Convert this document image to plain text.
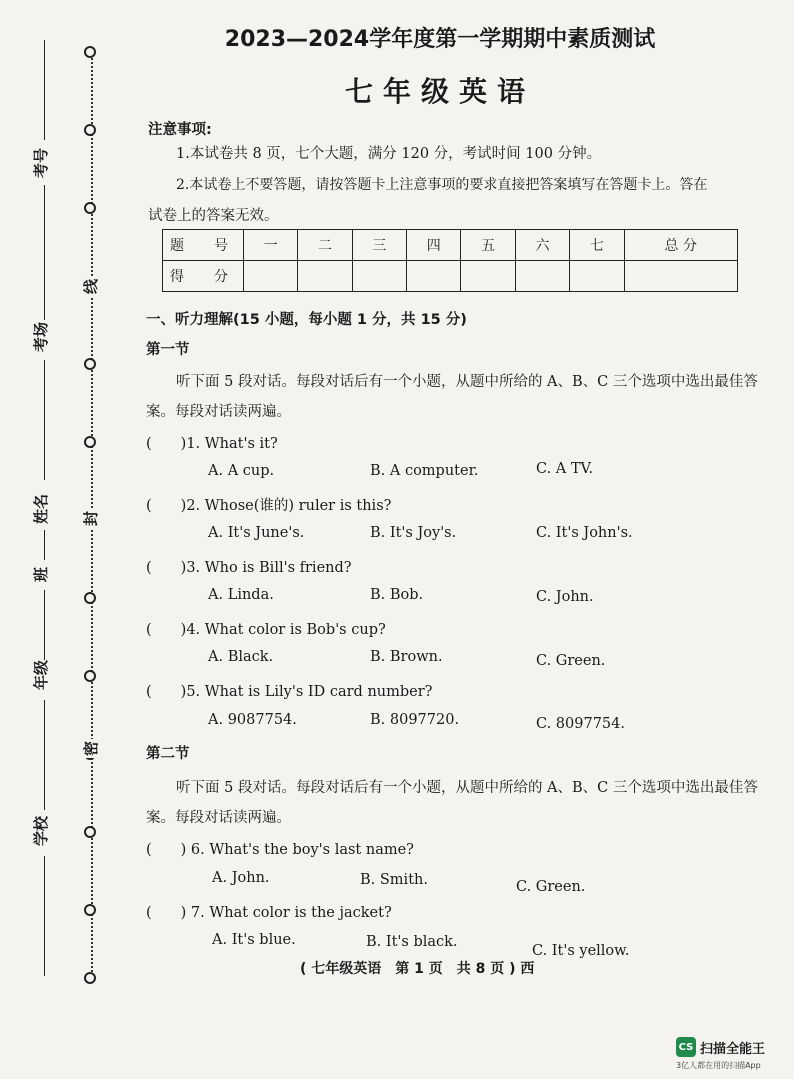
考号
考场
姓名
班
年级
学校
线
封
密
2023—2024学年度第一学期期中素质测试
七年级英语
注意事项:
1.本试卷共 8 页，七个大题，满分 120 分，考试时间 100 分钟。
2.本试卷上不要答题，请按答题卡上注意事项的要求直接把答案填写在答题卡上。答在
试卷上的答案无效。
题　号	一	二	三	四	五	六	七	总 分
得　分								
一、听力理解(15 小题，每小题 1 分，共 15 分)
第一节
听下面 5 段对话。每段对话后有一个小题，从题中所给的 A、B、C 三个选项中选出最佳答
案。每段对话读两遍。
(　　)1. What's it?
A. A cup.	B. A computer.	C. A TV.
(　　)2. Whose(谁的) ruler is this?
A. It's June's.	B. It's Joy's.	C. It's John's.
(　　)3. Who is Bill's friend?
A. Linda.	B. Bob.	C. John.
(　　)4. What color is Bob's cup?
A. Black.	B. Brown.	C. Green.
(　　)5. What is Lily's ID card number?
A. 9087754.	B. 8097720.	C. 8097754.
第二节
听下面 5 段对话。每段对话后有一个小题，从题中所给的 A、B、C 三个选项中选出最佳答
案。每段对话读两遍。
(　　) 6. What's the boy's last name?
A. John.	B. Smith.	C. Green.
(　　) 7. What color is the jacket?
A. It's blue.	B. It's black.
C. It's yellow.
( 七年级英语　第 1 页　共 8 页 ) 西
CS 扫描全能王
3亿人都在用的扫描App
